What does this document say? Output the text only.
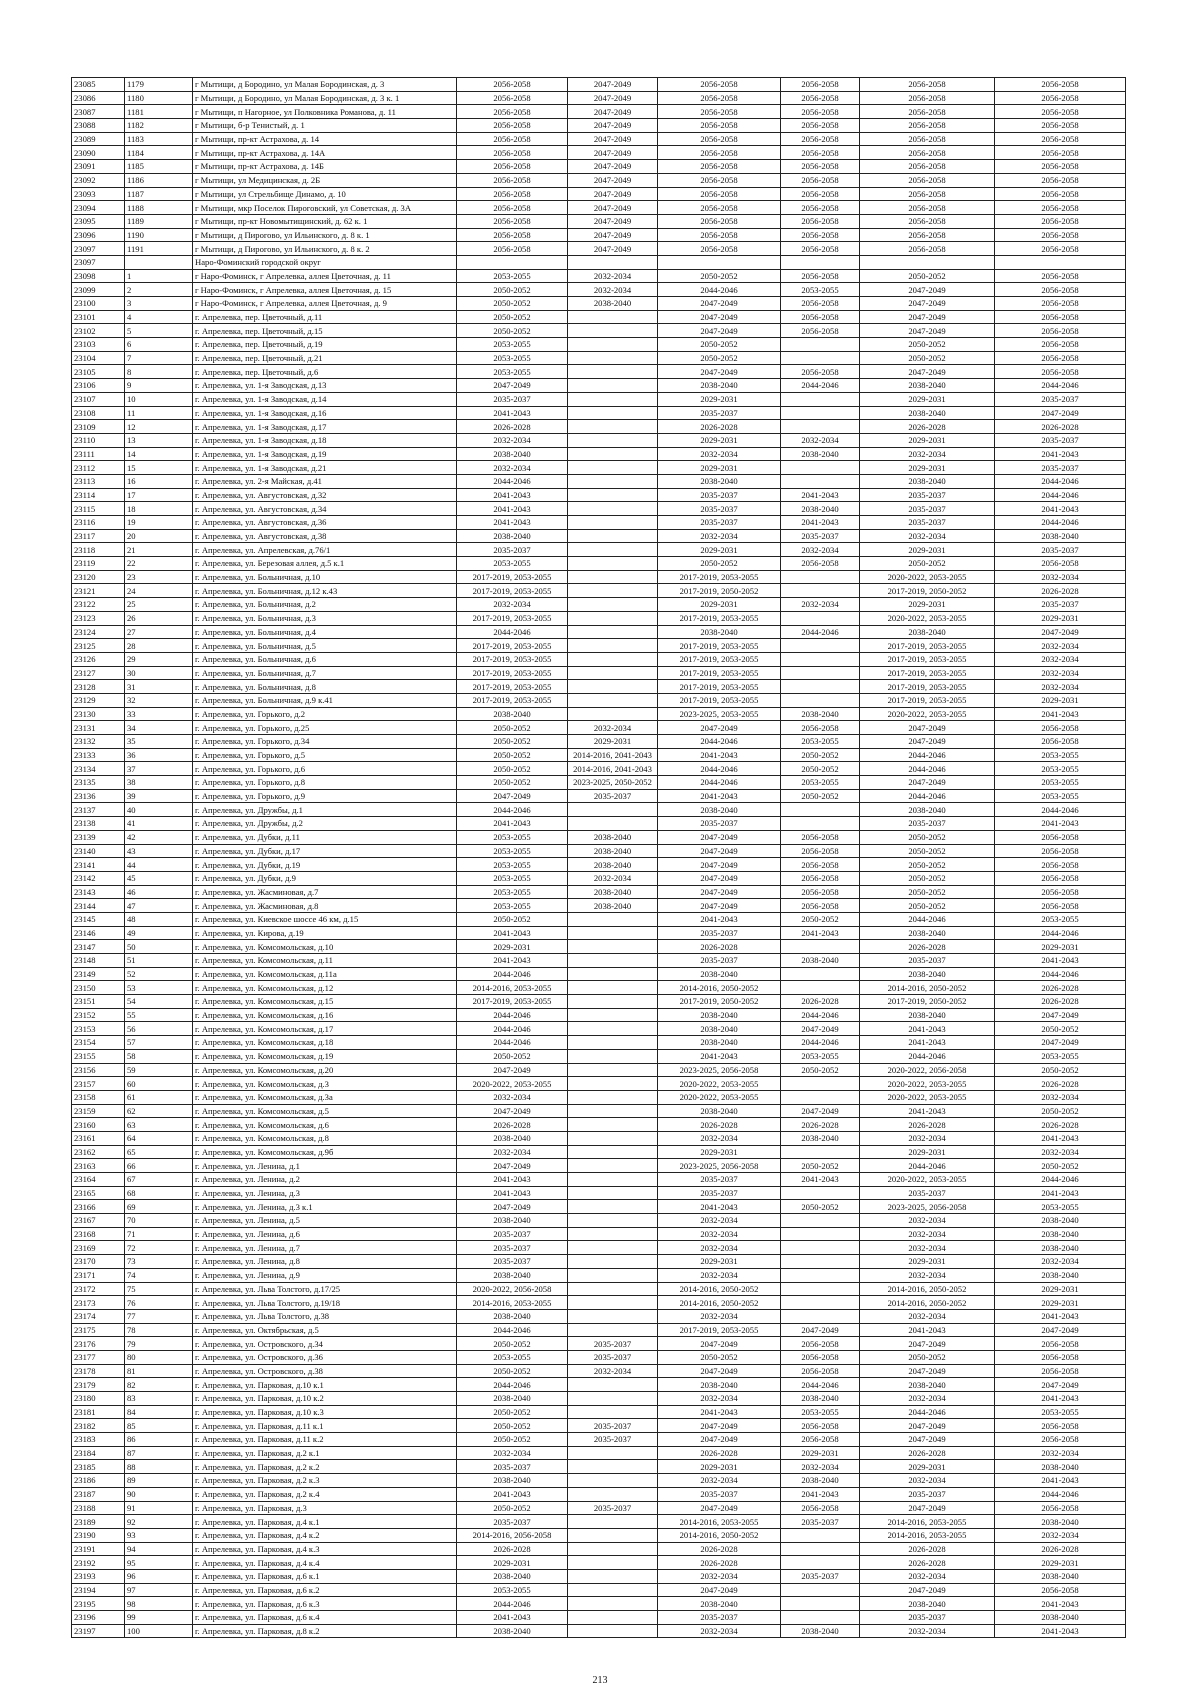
23085	1179	г Мытищи, д Бородино, ул Малая Бородинская, д. 3	2056-2058	2047-2049	2056-2058	2056-2058	2056-2058	2056-2058
23086	1180	г Мытищи, д Бородино, ул Малая Бородинская, д. 3 к. 1	2056-2058	2047-2049	2056-2058	2056-2058	2056-2058	2056-2058
23087	1181	г Мытищи, п Нагорное, ул Полковника Романова, д. 11	2056-2058	2047-2049	2056-2058	2056-2058	2056-2058	2056-2058
23088	1182	г Мытищи, б-р Тенистый, д. 1	2056-2058	2047-2049	2056-2058	2056-2058	2056-2058	2056-2058
23089	1183	г Мытищи, пр-кт Астрахова, д. 14	2056-2058	2047-2049	2056-2058	2056-2058	2056-2058	2056-2058
23090	1184	г Мытищи, пр-кт Астрахова, д. 14А	2056-2058	2047-2049	2056-2058	2056-2058	2056-2058	2056-2058
23091	1185	г Мытищи, пр-кт Астрахова, д. 14Б	2056-2058	2047-2049	2056-2058	2056-2058	2056-2058	2056-2058
23092	1186	г Мытищи, ул Медицинская, д. 2Б	2056-2058	2047-2049	2056-2058	2056-2058	2056-2058	2056-2058
23093	1187	г Мытищи, ул Стрельбище Динамо, д. 10	2056-2058	2047-2049	2056-2058	2056-2058	2056-2058	2056-2058
23094	1188	г Мытищи, мкр Поселок Пироговский, ул Советская, д. 3А	2056-2058	2047-2049	2056-2058	2056-2058	2056-2058	2056-2058
23095	1189	г Мытищи, пр-кт Новомытищинский, д. 62 к. 1	2056-2058	2047-2049	2056-2058	2056-2058	2056-2058	2056-2058
23096	1190	г Мытищи, д Пирогово, ул Ильинского, д. 8 к. 1	2056-2058	2047-2049	2056-2058	2056-2058	2056-2058	2056-2058
23097	1191	г Мытищи, д Пирогово, ул Ильинского, д. 8 к. 2	2056-2058	2047-2049	2056-2058	2056-2058	2056-2058	2056-2058
23097		Наро-Фоминский городской округ						
23098	1	г Наро-Фоминск, г Апрелевка, аллея Цветочная, д. 11	2053-2055	2032-2034	2050-2052	2056-2058	2050-2052	2056-2058
23099	2	г Наро-Фоминск, г Апрелевка, аллея Цветочная, д. 15	2050-2052	2032-2034	2044-2046	2053-2055	2047-2049	2056-2058
23100	3	г Наро-Фоминск, г Апрелевка, аллея Цветочная, д. 9	2050-2052	2038-2040	2047-2049	2056-2058	2047-2049	2056-2058
23101	4	г. Апрелевка, пер. Цветочный, д.11	2050-2052		2047-2049	2056-2058	2047-2049	2056-2058
23102	5	г. Апрелевка, пер. Цветочный, д.15	2050-2052		2047-2049	2056-2058	2047-2049	2056-2058
23103	6	г. Апрелевка, пер. Цветочный, д.19	2053-2055		2050-2052		2050-2052	2056-2058
23104	7	г. Апрелевка, пер. Цветочный, д.21	2053-2055		2050-2052		2050-2052	2056-2058
23105	8	г. Апрелевка, пер. Цветочный, д.6	2053-2055		2047-2049	2056-2058	2047-2049	2056-2058
23106	9	г. Апрелевка, ул. 1-я Заводская, д.13	2047-2049		2038-2040	2044-2046	2038-2040	2044-2046
23107	10	г. Апрелевка, ул. 1-я Заводская, д.14	2035-2037		2029-2031		2029-2031	2035-2037
23108	11	г. Апрелевка, ул. 1-я Заводская, д.16	2041-2043		2035-2037		2038-2040	2047-2049
23109	12	г. Апрелевка, ул. 1-я Заводская, д.17	2026-2028		2026-2028		2026-2028	2026-2028
23110	13	г. Апрелевка, ул. 1-я Заводская, д.18	2032-2034		2029-2031	2032-2034	2029-2031	2035-2037
23111	14	г. Апрелевка, ул. 1-я Заводская, д.19	2038-2040		2032-2034	2038-2040	2032-2034	2041-2043
23112	15	г. Апрелевка, ул. 1-я Заводская, д.21	2032-2034		2029-2031		2029-2031	2035-2037
23113	16	г. Апрелевка, ул. 2-я Майская, д.41	2044-2046		2038-2040		2038-2040	2044-2046
23114	17	г. Апрелевка, ул. Августовская, д.32	2041-2043		2035-2037	2041-2043	2035-2037	2044-2046
23115	18	г. Апрелевка, ул. Августовская, д.34	2041-2043		2035-2037	2038-2040	2035-2037	2041-2043
23116	19	г. Апрелевка, ул. Августовская, д.36	2041-2043		2035-2037	2041-2043	2035-2037	2044-2046
23117	20	г. Апрелевка, ул. Августовская, д.38	2038-2040		2032-2034	2035-2037	2032-2034	2038-2040
23118	21	г. Апрелевка, ул. Апрелевская, д.76/1	2035-2037		2029-2031	2032-2034	2029-2031	2035-2037
23119	22	г. Апрелевка, ул. Березовая аллея, д.5 к.1	2053-2055		2050-2052	2056-2058	2050-2052	2056-2058
23120	23	г. Апрелевка, ул. Больничная, д.10	2017-2019, 2053-2055		2017-2019, 2053-2055		2020-2022, 2053-2055	2032-2034
23121	24	г. Апрелевка, ул. Больничная, д.12 к.43	2017-2019, 2053-2055		2017-2019, 2050-2052		2017-2019, 2050-2052	2026-2028
23122	25	г. Апрелевка, ул. Больничная, д.2	2032-2034		2029-2031	2032-2034	2029-2031	2035-2037
23123	26	г. Апрелевка, ул. Больничная, д.3	2017-2019, 2053-2055		2017-2019, 2053-2055		2020-2022, 2053-2055	2029-2031
23124	27	г. Апрелевка, ул. Больничная, д.4	2044-2046		2038-2040	2044-2046	2038-2040	2047-2049
23125	28	г. Апрелевка, ул. Больничная, д.5	2017-2019, 2053-2055		2017-2019, 2053-2055		2017-2019, 2053-2055	2032-2034
23126	29	г. Апрелевка, ул. Больничная, д.6	2017-2019, 2053-2055		2017-2019, 2053-2055		2017-2019, 2053-2055	2032-2034
23127	30	г. Апрелевка, ул. Больничная, д.7	2017-2019, 2053-2055		2017-2019, 2053-2055		2017-2019, 2053-2055	2032-2034
23128	31	г. Апрелевка, ул. Больничная, д.8	2017-2019, 2053-2055		2017-2019, 2053-2055		2017-2019, 2053-2055	2032-2034
23129	32	г. Апрелевка, ул. Больничная, д.9 к.41	2017-2019, 2053-2055		2017-2019, 2053-2055		2017-2019, 2053-2055	2029-2031
23130	33	г. Апрелевка, ул. Горького, д.2	2038-2040		2023-2025, 2053-2055	2038-2040	2020-2022, 2053-2055	2041-2043
23131	34	г. Апрелевка, ул. Горького, д.25	2050-2052	2032-2034	2047-2049	2056-2058	2047-2049	2056-2058
23132	35	г. Апрелевка, ул. Горького, д.34	2050-2052	2029-2031	2044-2046	2053-2055	2047-2049	2056-2058
23133	36	г. Апрелевка, ул. Горького, д.5	2050-2052	2014-2016, 2041-2043	2041-2043	2050-2052	2044-2046	2053-2055
23134	37	г. Апрелевка, ул. Горького, д.6	2050-2052	2014-2016, 2041-2043	2044-2046	2050-2052	2044-2046	2053-2055
23135	38	г. Апрелевка, ул. Горького, д.8	2050-2052	2023-2025, 2050-2052	2044-2046	2053-2055	2047-2049	2053-2055
23136	39	г. Апрелевка, ул. Горького, д.9	2047-2049	2035-2037	2041-2043	2050-2052	2044-2046	2053-2055
23137	40	г. Апрелевка, ул. Дружбы, д.1	2044-2046		2038-2040		2038-2040	2044-2046
23138	41	г. Апрелевка, ул. Дружбы, д.2	2041-2043		2035-2037		2035-2037	2041-2043
23139	42	г. Апрелевка, ул. Дубки, д.11	2053-2055	2038-2040	2047-2049	2056-2058	2050-2052	2056-2058
23140	43	г. Апрелевка, ул. Дубки, д.17	2053-2055	2038-2040	2047-2049	2056-2058	2050-2052	2056-2058
23141	44	г. Апрелевка, ул. Дубки, д.19	2053-2055	2038-2040	2047-2049	2056-2058	2050-2052	2056-2058
23142	45	г. Апрелевка, ул. Дубки, д.9	2053-2055	2032-2034	2047-2049	2056-2058	2050-2052	2056-2058
23143	46	г. Апрелевка, ул. Жасминовая, д.7	2053-2055	2038-2040	2047-2049	2056-2058	2050-2052	2056-2058
23144	47	г. Апрелевка, ул. Жасминовая, д.8	2053-2055	2038-2040	2047-2049	2056-2058	2050-2052	2056-2058
23145	48	г. Апрелевка, ул. Киевское шоссе 46 км, д.15	2050-2052		2041-2043	2050-2052	2044-2046	2053-2055
23146	49	г. Апрелевка, ул. Кирова, д.19	2041-2043		2035-2037	2041-2043	2038-2040	2044-2046
23147	50	г. Апрелевка, ул. Комсомольская, д.10	2029-2031		2026-2028		2026-2028	2029-2031
23148	51	г. Апрелевка, ул. Комсомольская, д.11	2041-2043		2035-2037	2038-2040	2035-2037	2041-2043
23149	52	г. Апрелевка, ул. Комсомольская, д.11а	2044-2046		2038-2040		2038-2040	2044-2046
23150	53	г. Апрелевка, ул. Комсомольская, д.12	2014-2016, 2053-2055		2014-2016, 2050-2052		2014-2016, 2050-2052	2026-2028
23151	54	г. Апрелевка, ул. Комсомольская, д.15	2017-2019, 2053-2055		2017-2019, 2050-2052	2026-2028	2017-2019, 2050-2052	2026-2028
23152	55	г. Апрелевка, ул. Комсомольская, д.16	2044-2046		2038-2040	2044-2046	2038-2040	2047-2049
23153	56	г. Апрелевка, ул. Комсомольская, д.17	2044-2046		2038-2040	2047-2049	2041-2043	2050-2052
23154	57	г. Апрелевка, ул. Комсомольская, д.18	2044-2046		2038-2040	2044-2046	2041-2043	2047-2049
23155	58	г. Апрелевка, ул. Комсомольская, д.19	2050-2052		2041-2043	2053-2055	2044-2046	2053-2055
23156	59	г. Апрелевка, ул. Комсомольская, д.20	2047-2049		2023-2025, 2056-2058	2050-2052	2020-2022, 2056-2058	2050-2052
23157	60	г. Апрелевка, ул. Комсомольская, д.3	2020-2022, 2053-2055		2020-2022, 2053-2055		2020-2022, 2053-2055	2026-2028
23158	61	г. Апрелевка, ул. Комсомольская, д.3а	2032-2034		2020-2022, 2053-2055		2020-2022, 2053-2055	2032-2034
23159	62	г. Апрелевка, ул. Комсомольская, д.5	2047-2049		2038-2040	2047-2049	2041-2043	2050-2052
23160	63	г. Апрелевка, ул. Комсомольская, д.6	2026-2028		2026-2028	2026-2028	2026-2028	2026-2028
23161	64	г. Апрелевка, ул. Комсомольская, д.8	2038-2040		2032-2034	2038-2040	2032-2034	2041-2043
23162	65	г. Апрелевка, ул. Комсомольская, д.9б	2032-2034		2029-2031		2029-2031	2032-2034
23163	66	г. Апрелевка, ул. Ленина, д.1	2047-2049		2023-2025, 2056-2058	2050-2052	2044-2046	2050-2052
23164	67	г. Апрелевка, ул. Ленина, д.2	2041-2043		2035-2037	2041-2043	2020-2022, 2053-2055	2044-2046
23165	68	г. Апрелевка, ул. Ленина, д.3	2041-2043		2035-2037		2035-2037	2041-2043
23166	69	г. Апрелевка, ул. Ленина, д.3 к.1	2047-2049		2041-2043	2050-2052	2023-2025, 2056-2058	2053-2055
23167	70	г. Апрелевка, ул. Ленина, д.5	2038-2040		2032-2034		2032-2034	2038-2040
23168	71	г. Апрелевка, ул. Ленина, д.6	2035-2037		2032-2034		2032-2034	2038-2040
23169	72	г. Апрелевка, ул. Ленина, д.7	2035-2037		2032-2034		2032-2034	2038-2040
23170	73	г. Апрелевка, ул. Ленина, д.8	2035-2037		2029-2031		2029-2031	2032-2034
23171	74	г. Апрелевка, ул. Ленина, д.9	2038-2040		2032-2034		2032-2034	2038-2040
23172	75	г. Апрелевка, ул. Льва Толстого, д.17/25	2020-2022, 2056-2058		2014-2016, 2050-2052		2014-2016, 2050-2052	2029-2031
23173	76	г. Апрелевка, ул. Льва Толстого, д.19/18	2014-2016, 2053-2055		2014-2016, 2050-2052		2014-2016, 2050-2052	2029-2031
23174	77	г. Апрелевка, ул. Льва Толстого, д.38	2038-2040		2032-2034		2032-2034	2041-2043
23175	78	г. Апрелевка, ул. Октябрьская, д.5	2044-2046		2017-2019, 2053-2055	2047-2049	2041-2043	2047-2049
23176	79	г. Апрелевка, ул. Островского, д.34	2050-2052	2035-2037	2047-2049	2056-2058	2047-2049	2056-2058
23177	80	г. Апрелевка, ул. Островского, д.36	2053-2055	2035-2037	2050-2052	2056-2058	2050-2052	2056-2058
23178	81	г. Апрелевка, ул. Островского, д.38	2050-2052	2032-2034	2047-2049	2056-2058	2047-2049	2056-2058
23179	82	г. Апрелевка, ул. Парковая, д.10 к.1	2044-2046		2038-2040	2044-2046	2038-2040	2047-2049
23180	83	г. Апрелевка, ул. Парковая, д.10 к.2	2038-2040		2032-2034	2038-2040	2032-2034	2041-2043
23181	84	г. Апрелевка, ул. Парковая, д.10 к.3	2050-2052		2041-2043	2053-2055	2044-2046	2053-2055
23182	85	г. Апрелевка, ул. Парковая, д.11 к.1	2050-2052	2035-2037	2047-2049	2056-2058	2047-2049	2056-2058
23183	86	г. Апрелевка, ул. Парковая, д.11 к.2	2050-2052	2035-2037	2047-2049	2056-2058	2047-2049	2056-2058
23184	87	г. Апрелевка, ул. Парковая, д.2 к.1	2032-2034		2026-2028	2029-2031	2026-2028	2032-2034
23185	88	г. Апрелевка, ул. Парковая, д.2 к.2	2035-2037		2029-2031	2032-2034	2029-2031	2038-2040
23186	89	г. Апрелевка, ул. Парковая, д.2 к.3	2038-2040		2032-2034	2038-2040	2032-2034	2041-2043
23187	90	г. Апрелевка, ул. Парковая, д.2 к.4	2041-2043		2035-2037	2041-2043	2035-2037	2044-2046
23188	91	г. Апрелевка, ул. Парковая, д.3	2050-2052	2035-2037	2047-2049	2056-2058	2047-2049	2056-2058
23189	92	г. Апрелевка, ул. Парковая, д.4 к.1	2035-2037		2014-2016, 2053-2055	2035-2037	2014-2016, 2053-2055	2038-2040
23190	93	г. Апрелевка, ул. Парковая, д.4 к.2	2014-2016, 2056-2058		2014-2016, 2050-2052		2014-2016, 2053-2055	2032-2034
23191	94	г. Апрелевка, ул. Парковая, д.4 к.3	2026-2028		2026-2028		2026-2028	2026-2028
23192	95	г. Апрелевка, ул. Парковая, д.4 к.4	2029-2031		2026-2028		2026-2028	2029-2031
23193	96	г. Апрелевка, ул. Парковая, д.6 к.1	2038-2040		2032-2034	2035-2037	2032-2034	2038-2040
23194	97	г. Апрелевка, ул. Парковая, д.6 к.2	2053-2055		2047-2049		2047-2049	2056-2058
23195	98	г. Апрелевка, ул. Парковая, д.6 к.3	2044-2046		2038-2040		2038-2040	2041-2043
23196	99	г. Апрелевка, ул. Парковая, д.6 к.4	2041-2043		2035-2037		2035-2037	2038-2040
23197	100	г. Апрелевка, ул. Парковая, д.8 к.2	2038-2040		2032-2034	2038-2040	2032-2034	2041-2043
213
